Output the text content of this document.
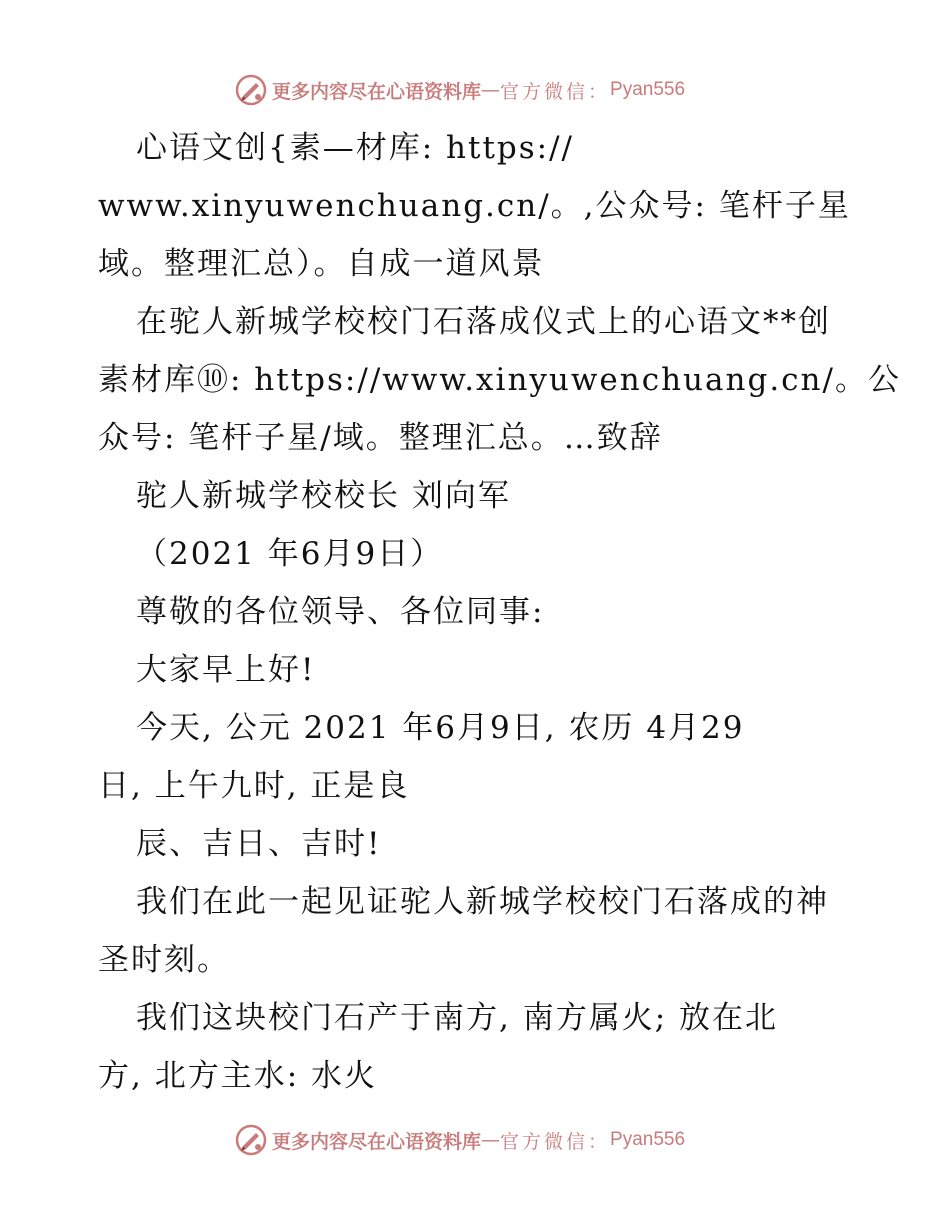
更多内容尽在心语资料库 — 官方微信： Pyan556
心语文创{素—材库: https://
www.xinyuwenchuang.cn/。,公众号: 笔杆子星
域。整理汇总）。自成一道风景
在驼人新城学校校门石落成仪式上的心语文**创
素材库⑩: https://www.xinyuwenchuang.cn/。公
众号: 笔杆子星/域。整理汇总。…致辞
驼人新城学校校长 刘向军
（2021 年6月9日）
尊敬的各位领导、各位同事:
大家早上好!
今天, 公元 2021 年6月9日, 农历 4月29
日, 上午九时, 正是良
辰、吉日、吉时!
我们在此一起见证驼人新城学校校门石落成的神
圣时刻。
我们这块校门石产于南方, 南方属火; 放在北
方, 北方主水: 水火
更多内容尽在心语资料库 — 官方微信： Pyan556
